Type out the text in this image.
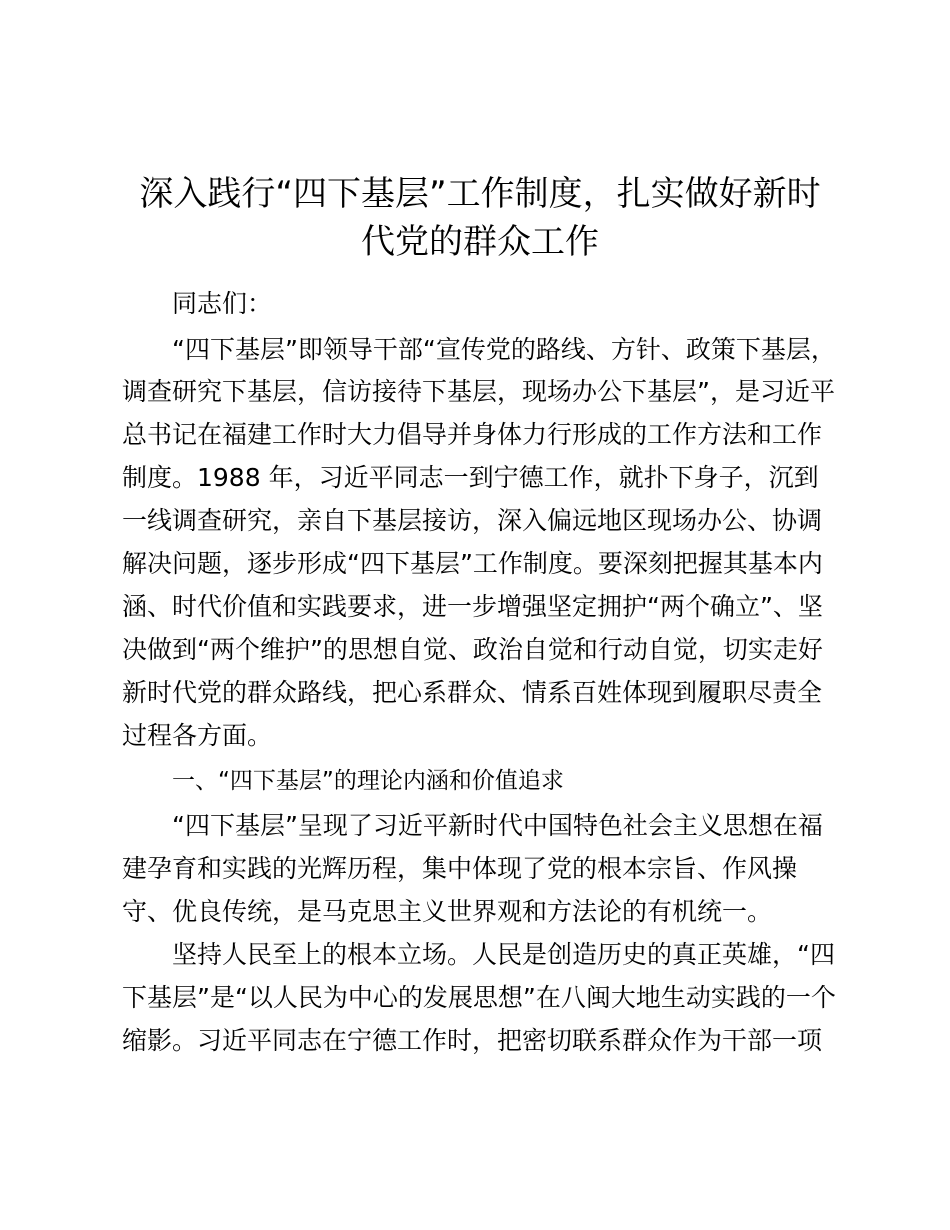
深入践行“四下基层”工作制度，扎实做好新时
代党的群众工作
同志们：
“四下基层”即领导干部“宣传党的路线、方针、政策下基层，
调查研究下基层，信访接待下基层，现场办公下基层”，是习近平
总书记在福建工作时大力倡导并身体力行形成的工作方法和工作
制度。1988 年，习近平同志一到宁德工作，就扑下身子，沉到
一线调查研究，亲自下基层接访，深入偏远地区现场办公、协调
解决问题，逐步形成“四下基层”工作制度。要深刻把握其基本内
涵、时代价值和实践要求，进一步增强坚定拥护“两个确立”、坚
决做到“两个维护”的思想自觉、政治自觉和行动自觉，切实走好
新时代党的群众路线，把心系群众、情系百姓体现到履职尽责全
过程各方面。
一、“四下基层”的理论内涵和价值追求
“四下基层”呈现了习近平新时代中国特色社会主义思想在福
建孕育和实践的光辉历程，集中体现了党的根本宗旨、作风操
守、优良传统，是马克思主义世界观和方法论的有机统一。
坚持人民至上的根本立场。人民是创造历史的真正英雄，“四
下基层”是“以人民为中心的发展思想”在八闽大地生动实践的一个
缩影。习近平同志在宁德工作时，把密切联系群众作为干部一项
